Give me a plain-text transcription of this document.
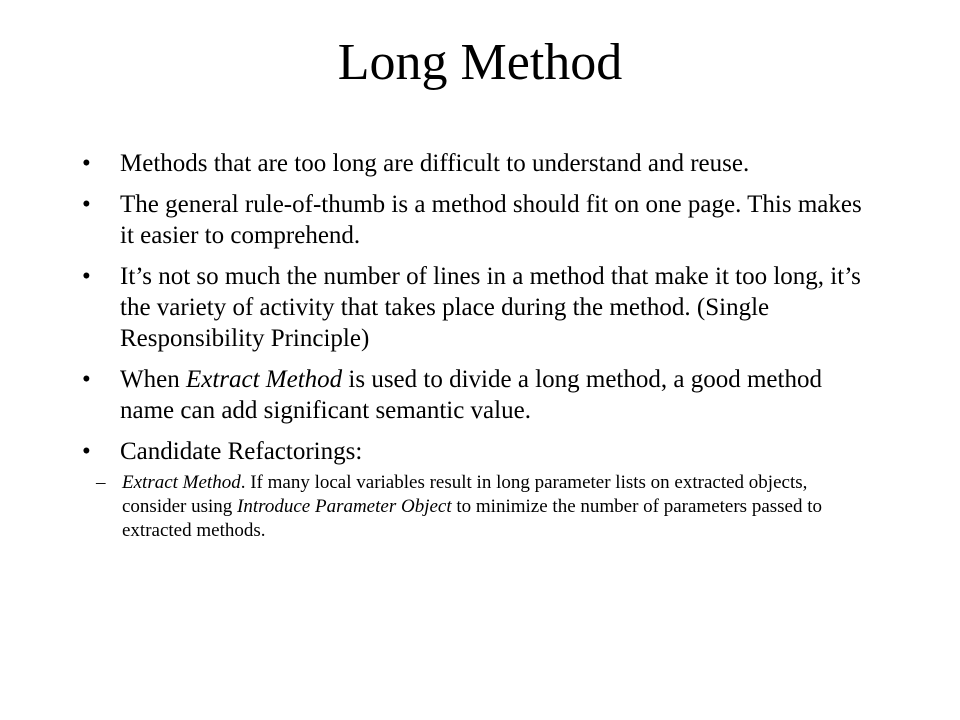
Long Method
• Methods that are too long are difficult to understand and reuse.
• The general rule-of-thumb is a method should fit on one page. This makes it easier to comprehend.
• It’s not so much the number of lines in a method that make it too long, it’s the variety of activity that takes place during the method. (Single Responsibility Principle)
• When Extract Method is used to divide a long method, a good method name can add significant semantic value.
• Candidate Refactorings:
– Extract Method. If many local variables result in long parameter lists on extracted objects, consider using Introduce Parameter Object to minimize the number of parameters passed to extracted methods.
